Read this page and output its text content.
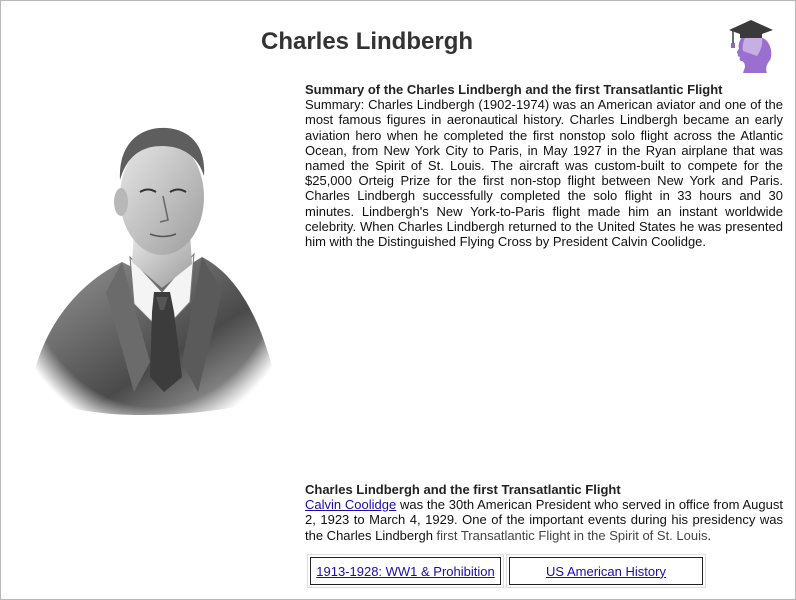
Charles Lindbergh
Summary of the Charles Lindbergh and the first Transatlantic Flight

Summary: Charles Lindbergh (1902-1974) was an American aviator and one of the most famous figures in aeronautical history. Charles Lindbergh became an early aviation hero when he completed the first nonstop solo flight across the Atlantic Ocean, from New York City to Paris, in May 1927 in the Ryan airplane that was named the Spirit of St. Louis. The aircraft was custom-built to compete for the $25,000 Orteig Prize for the first non-stop flight between New York and Paris. Charles Lindbergh successfully completed the solo flight in 33 hours and 30 minutes. Lindbergh's New York-to-Paris flight made him an instant worldwide celebrity. When Charles Lindbergh returned to the United States he was presented him with the Distinguished Flying Cross by President Calvin Coolidge.

Charles Lindbergh and the first Transatlantic Flight

Calvin Coolidge was the 30th American President who served in office from August 2, 1923 to March 4, 1929. One of the important events during his presidency was the Charles Lindbergh first Transatlantic Flight in the Spirit of St. Louis.

1913-1928: WW1 & Prohibition	US American History
